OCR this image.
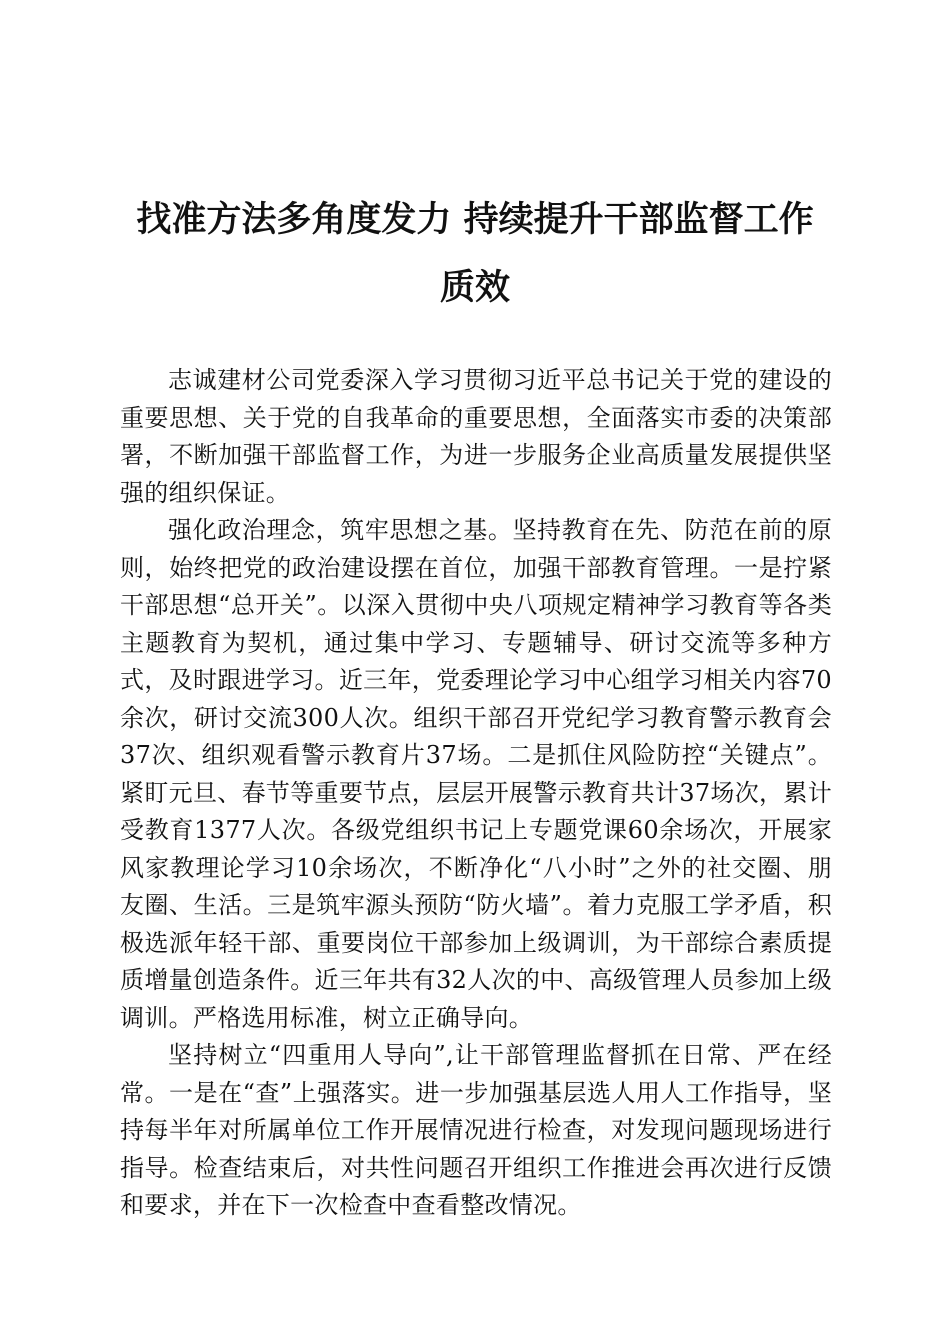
找准方法多角度发力 持续提升干部监督工作
质效

志诚建材公司党委深入学习贯彻习近平总书记关于党的建设的重要思想、关于党的自我革命的重要思想，全面落实市委的决策部署，不断加强干部监督工作，为进一步服务企业高质量发展提供坚强的组织保证。

强化政治理念，筑牢思想之基。坚持教育在先、防范在前的原则，始终把党的政治建设摆在首位，加强干部教育管理。一是拧紧干部思想“总开关”。以深入贯彻中央八项规定精神学习教育等各类主题教育为契机，通过集中学习、专题辅导、研讨交流等多种方式，及时跟进学习。近三年，党委理论学习中心组学习相关内容70余次，研讨交流300人次。组织干部召开党纪学习教育警示教育会37次、组织观看警示教育片37场。二是抓住风险防控“关键点”。紧盯元旦、春节等重要节点，层层开展警示教育共计37场次，累计受教育1377人次。各级党组织书记上专题党课60余场次，开展家风家教理论学习10余场次，不断净化“八小时”之外的社交圈、朋友圈、生活。三是筑牢源头预防“防火墙”。着力克服工学矛盾，积极选派年轻干部、重要岗位干部参加上级调训，为干部综合素质提质增量创造条件。近三年共有32人次的中、高级管理人员参加上级调训。严格选用标准，树立正确导向。

坚持树立“四重用人导向”,让干部管理监督抓在日常、严在经常。一是在“查”上强落实。进一步加强基层选人用人工作指导，坚持每半年对所属单位工作开展情况进行检查，对发现问题现场进行指导。检查结束后，对共性问题召开组织工作推进会再次进行反馈和要求，并在下一次检查中查看整改情况。
